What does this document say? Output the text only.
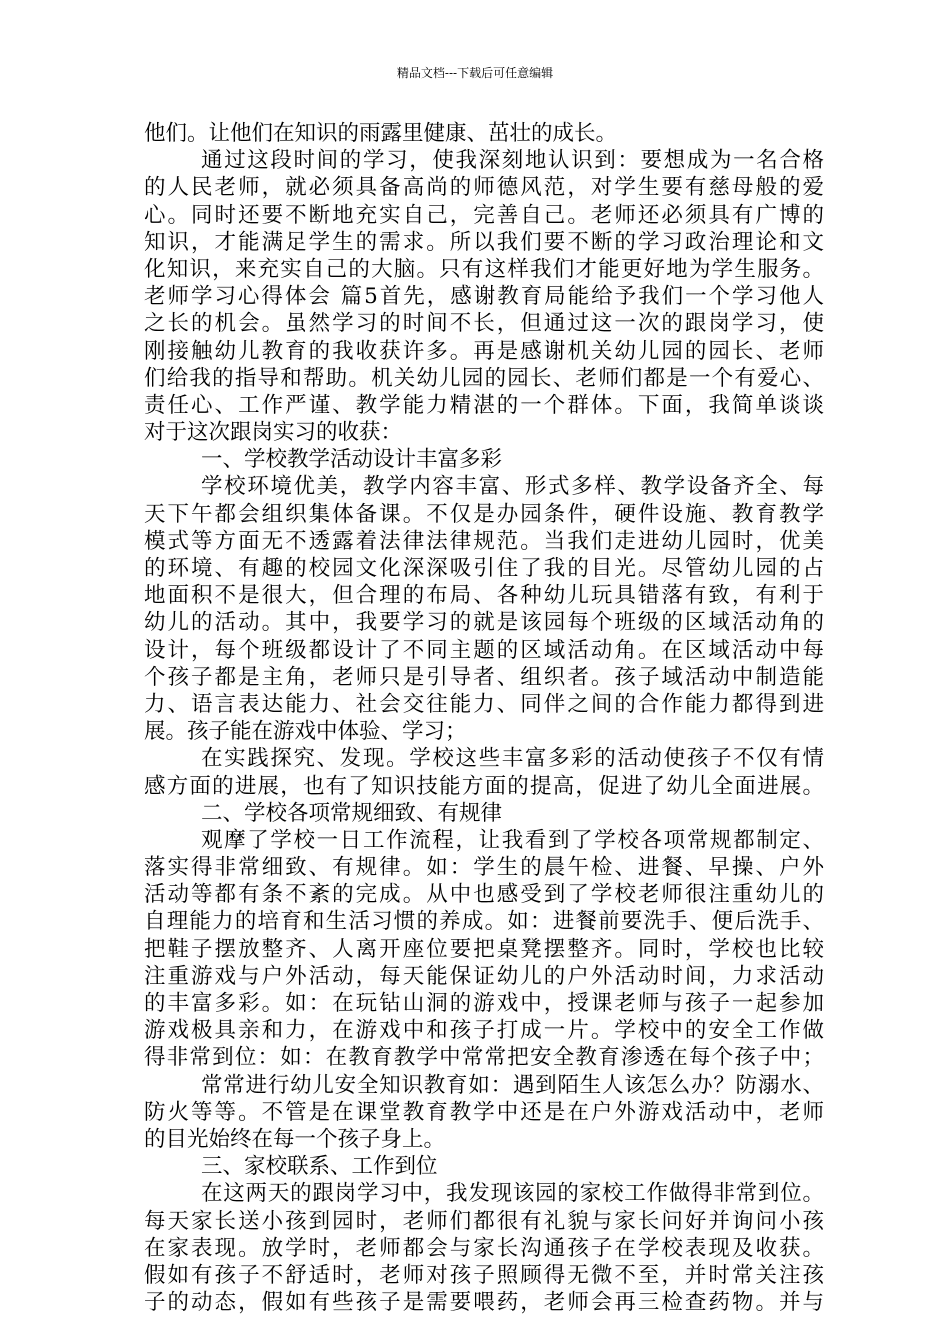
精品文档---下载后可任意编辑
他们。让他们在知识的雨露里健康、茁壮的成长。
通过这段时间的学习，使我深刻地认识到：要想成为一名合格
的人民老师，就必须具备高尚的师德风范，对学生要有慈母般的爱
心。同时还要不断地充实自己，完善自己。老师还必须具有广博的
知识，才能满足学生的需求。所以我们要不断的学习政治理论和文
化知识，来充实自己的大脑。只有这样我们才能更好地为学生服务。
老师学习心得体会 篇5首先，感谢教育局能给予我们一个学习他人
之长的机会。虽然学习的时间不长，但通过这一次的跟岗学习，使
刚接触幼儿教育的我收获许多。再是感谢机关幼儿园的园长、老师
们给我的指导和帮助。机关幼儿园的园长、老师们都是一个有爱心、
责任心、工作严谨、教学能力精湛的一个群体。下面，我简单谈谈
对于这次跟岗实习的收获：
一、学校教学活动设计丰富多彩
学校环境优美，教学内容丰富、形式多样、教学设备齐全、每
天下午都会组织集体备课。不仅是办园条件，硬件设施、教育教学
模式等方面无不透露着法律法律规范。当我们走进幼儿园时，优美
的环境、有趣的校园文化深深吸引住了我的目光。尽管幼儿园的占
地面积不是很大，但合理的布局、各种幼儿玩具错落有致，有利于
幼儿的活动。其中，我要学习的就是该园每个班级的区域活动角的
设计，每个班级都设计了不同主题的区域活动角。在区域活动中每
个孩子都是主角，老师只是引导者、组织者。孩子域活动中制造能
力、语言表达能力、社会交往能力、同伴之间的合作能力都得到进
展。孩子能在游戏中体验、学习；
在实践探究、发现。学校这些丰富多彩的活动使孩子不仅有情
感方面的进展，也有了知识技能方面的提高，促进了幼儿全面进展。
二、学校各项常规细致、有规律
观摩了学校一日工作流程，让我看到了学校各项常规都制定、
落实得非常细致、有规律。如：学生的晨午检、进餐、早操、户外
活动等都有条不紊的完成。从中也感受到了学校老师很注重幼儿的
自理能力的培育和生活习惯的养成。如：进餐前要洗手、便后洗手、
把鞋子摆放整齐、人离开座位要把桌凳摆整齐。同时，学校也比较
注重游戏与户外活动，每天能保证幼儿的户外活动时间，力求活动
的丰富多彩。如：在玩钻山洞的游戏中，授课老师与孩子一起参加
游戏极具亲和力，在游戏中和孩子打成一片。学校中的安全工作做
得非常到位：如：在教育教学中常常把安全教育渗透在每个孩子中；
常常进行幼儿安全知识教育如：遇到陌生人该怎么办？防溺水、
防火等等。不管是在课堂教育教学中还是在户外游戏活动中，老师
的目光始终在每一个孩子身上。
三、家校联系、工作到位
在这两天的跟岗学习中，我发现该园的家校工作做得非常到位。
每天家长送小孩到园时，老师们都很有礼貌与家长问好并询问小孩
在家表现。放学时，老师都会与家长沟通孩子在学校表现及收获。
假如有孩子不舒适时，老师对孩子照顾得无微不至，并时常关注孩
子的动态，假如有些孩子是需要喂药，老师会再三检查药物。并与
